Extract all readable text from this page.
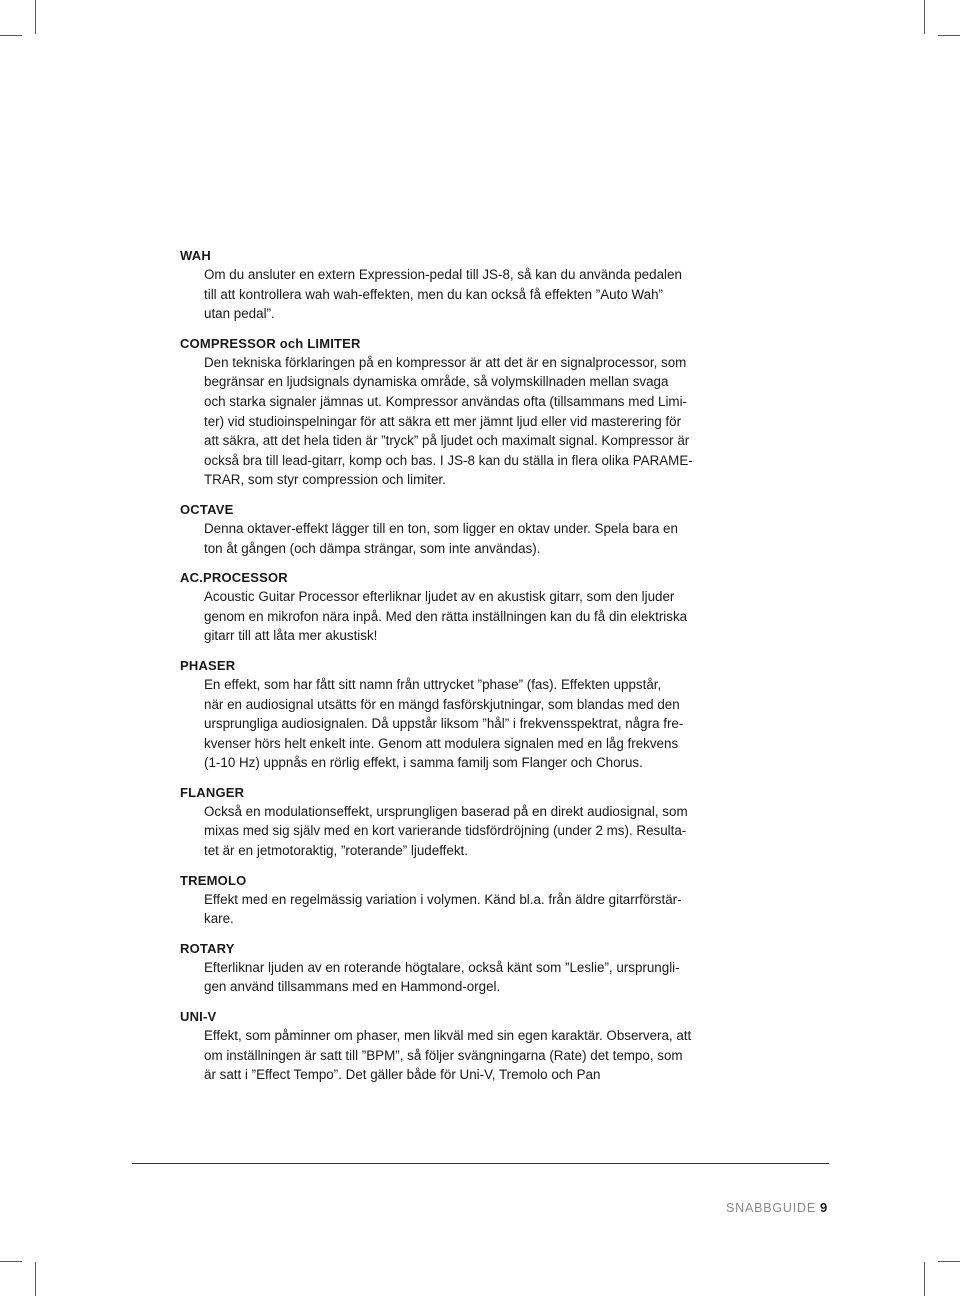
WAH
Om du ansluter en extern Expression-pedal till JS-8, så kan du använda pedalen
till att kontrollera wah wah-effekten, men du kan också få effekten ”Auto Wah”
utan pedal”.
COMPRESSOR och LIMITER
Den tekniska förklaringen på en kompressor är att det är en signalprocessor, som
begränsar en ljudsignals dynamiska område, så volymskillnaden mellan svaga
och starka signaler jämnas ut. Kompressor användas ofta (tillsammans med Limi-
ter) vid studioinspelningar för att säkra ett mer jämnt ljud eller vid masterering för
att säkra, att det hela tiden är ”tryck” på ljudet och maximalt signal. Kompressor är
också bra till lead-gitarr, komp och bas. I JS-8 kan du ställa in flera olika PARAME-
TRAR, som styr compression och limiter.
OCTAVE
Denna oktaver-effekt lägger till en ton, som ligger en oktav under. Spela bara en
ton åt gången (och dämpa strängar, som inte användas).
AC.PROCESSOR
Acoustic Guitar Processor efterliknar ljudet av en akustisk gitarr, som den ljuder
genom en mikrofon nära inpå. Med den rätta inställningen kan du få din elektriska
gitarr till att låta mer akustisk!
PHASER
En effekt, som har fått sitt namn från uttrycket ”phase” (fas). Effekten uppstår,
när en audiosignal utsätts för en mängd fasförskjutningar, som blandas med den
ursprungliga audiosignalen. Då uppstår liksom ”hål” i frekvensspektrat, några fre-
kvenser hörs helt enkelt inte. Genom att modulera signalen med en låg frekvens
(1-10 Hz) uppnås en rörlig effekt, i samma familj som Flanger och Chorus.
FLANGER
Också en modulationseffekt, ursprungligen baserad på en direkt audiosignal, som
mixas med sig själv med en kort varierande tidsfördröjning (under 2 ms). Resulta-
tet är en jetmotoraktig, ”roterande” ljudeffekt.
TREMOLO
Effekt med en regelmässig variation i volymen. Känd bl.a. från äldre gitarrförstär-
kare.
ROTARY
Efterliknar ljuden av en roterande högtalare, också känt som ”Leslie”, ursprungli-
gen använd tillsammans med en Hammond-orgel.
UNI-V
Effekt, som påminner om phaser, men likväl med sin egen karaktär. Observera, att
om inställningen är satt till ”BPM”, så följer svängningarna (Rate) det tempo, som
är satt i ”Effect Tempo”. Det gäller både för Uni-V, Tremolo och Pan
SNABBGUIDE 9
